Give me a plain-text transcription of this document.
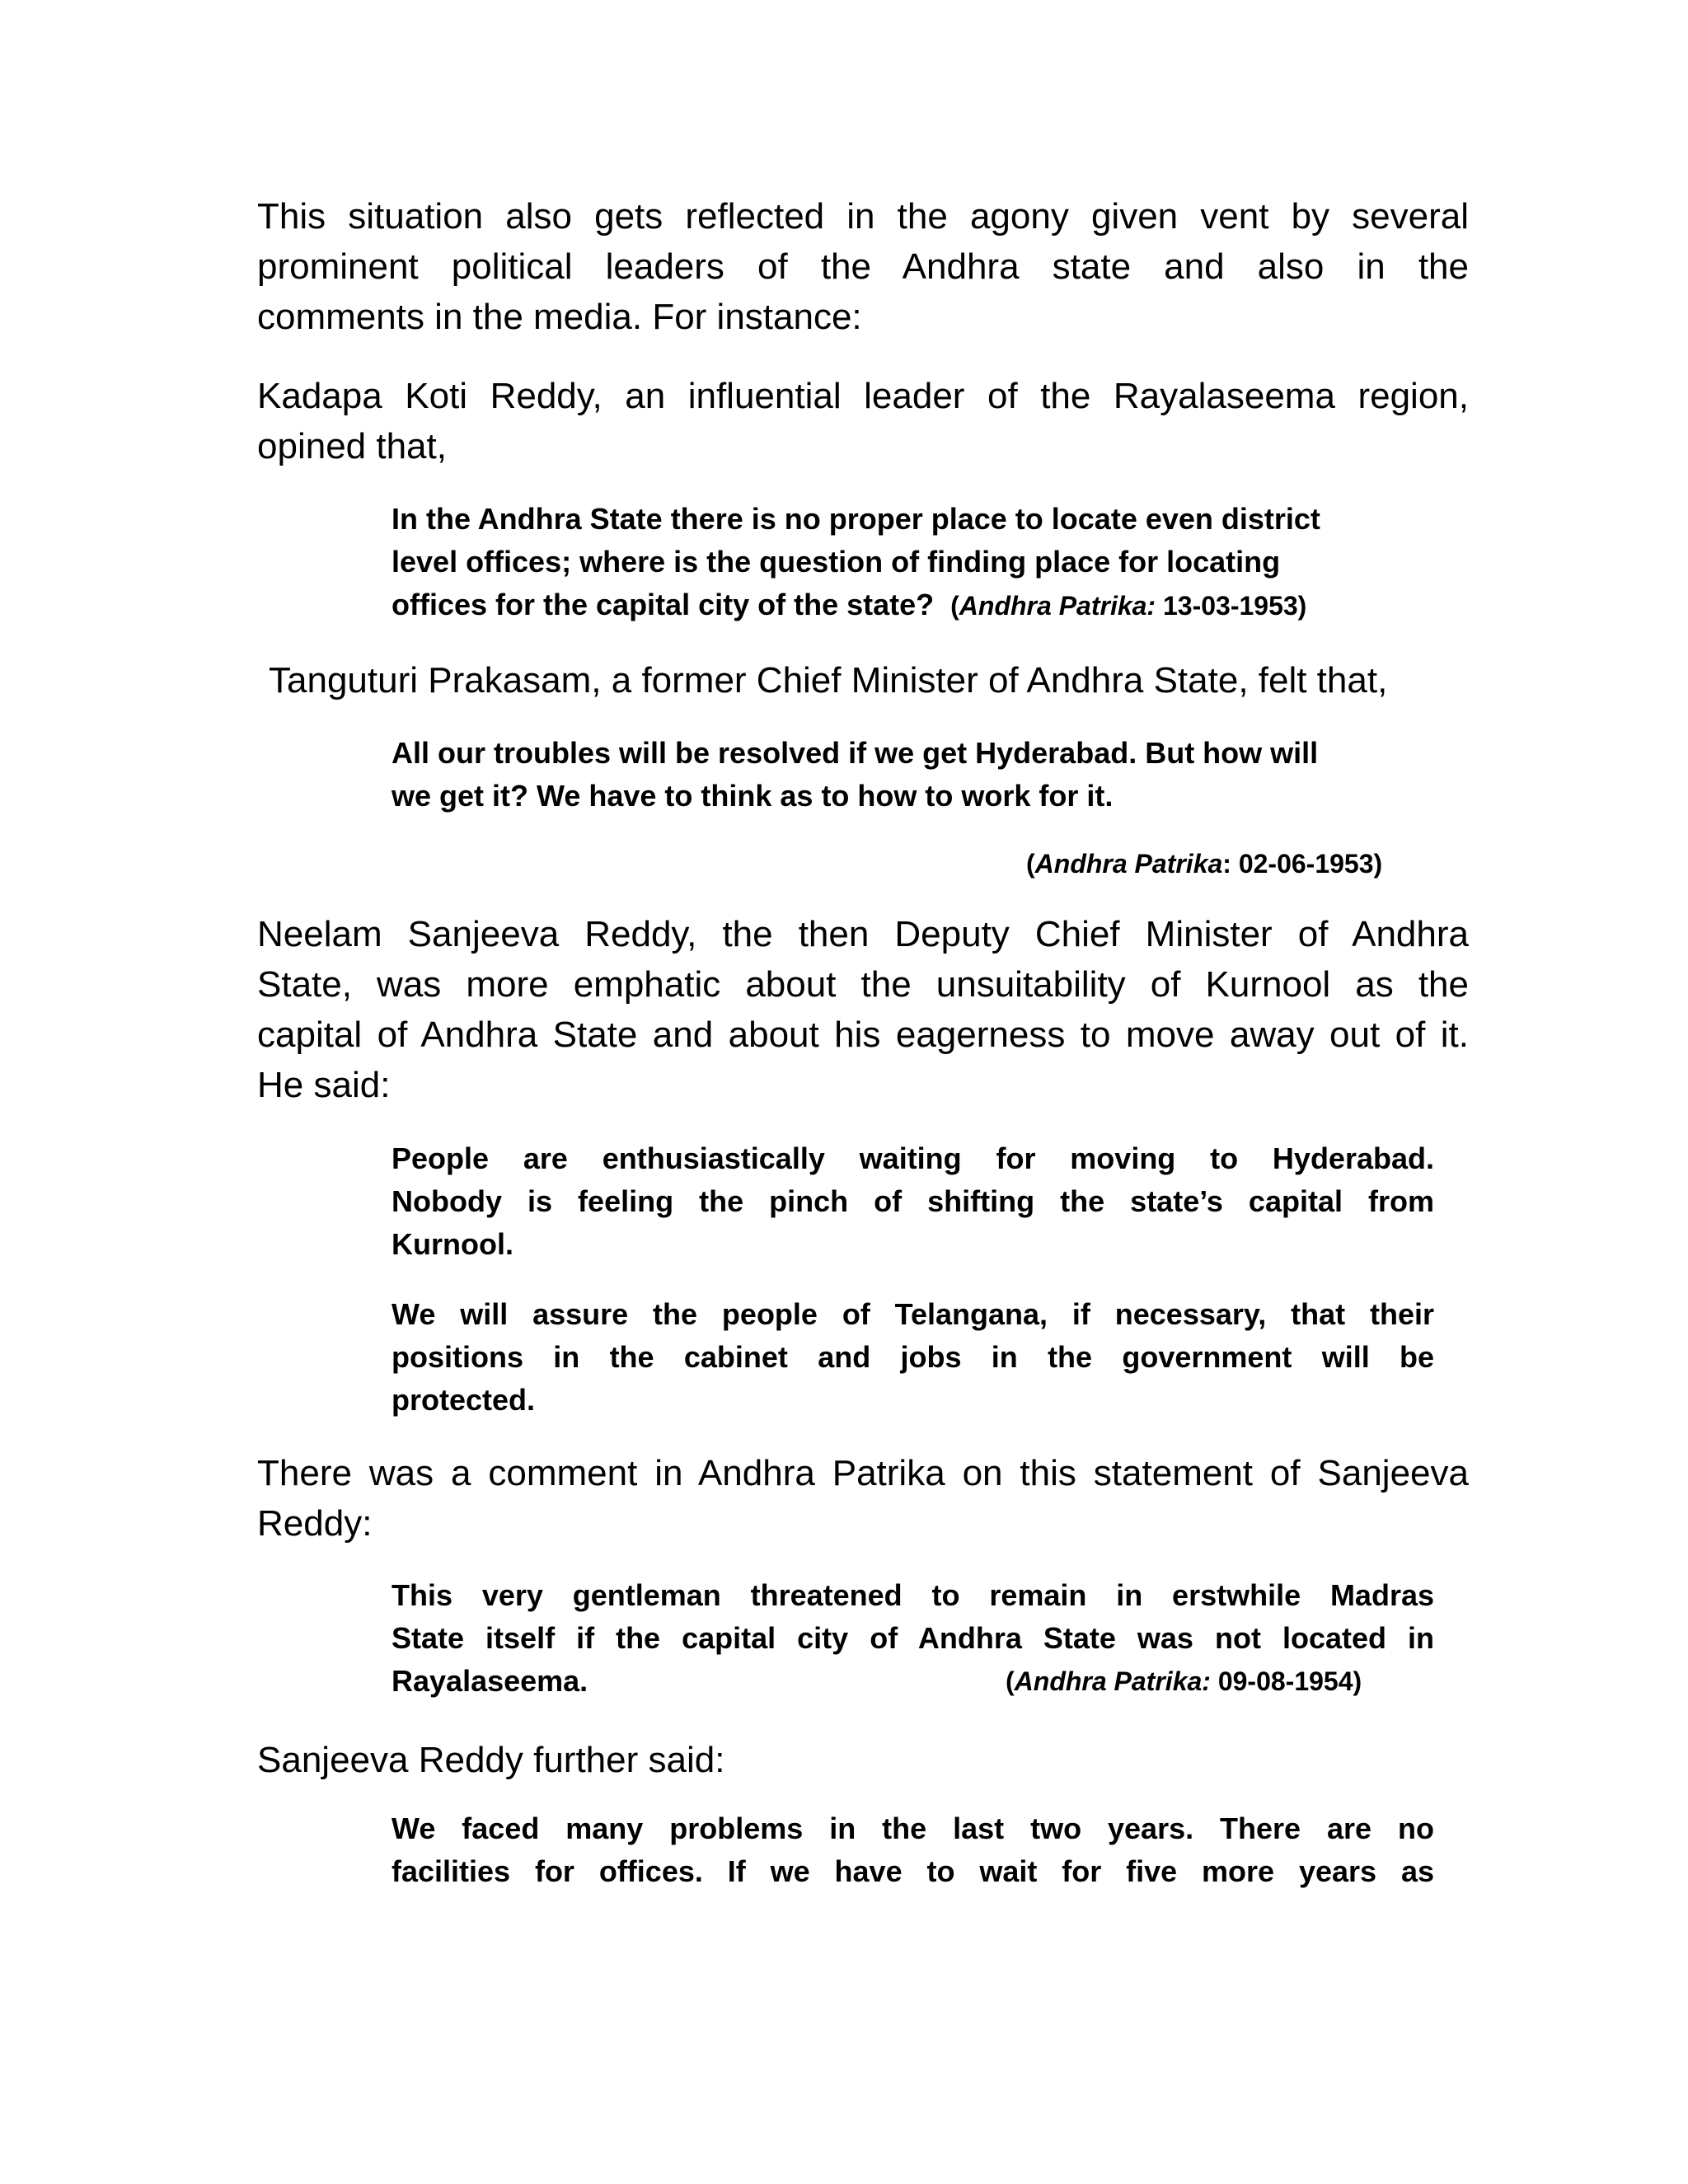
This situation also gets reflected in the agony given vent by several
prominent political leaders of the Andhra state and also in the
comments in the media. For instance:

Kadapa Koti Reddy, an influential leader of the Rayalaseema region,
opined that,

In the Andhra State there is no proper place to locate even district
level offices; where is the question of finding place for locating
offices for the capital city of the state? (Andhra Patrika: 13-03-1953)

Tanguturi Prakasam, a former Chief Minister of Andhra State, felt that,

All our troubles will be resolved if we get Hyderabad. But how will
we get it? We have to think as to how to work for it.

(Andhra Patrika: 02-06-1953)

Neelam Sanjeeva Reddy, the then Deputy Chief Minister of Andhra
State, was more emphatic about the unsuitability of Kurnool as the
capital of Andhra State and about his eagerness to move away out of it.
He said:

People are enthusiastically waiting for moving to Hyderabad.
Nobody is feeling the pinch of shifting the state’s capital from
Kurnool.
We will assure the people of Telangana, if necessary, that their
positions in the cabinet and jobs in the government will be
protected.

There was a comment in Andhra Patrika on this statement of Sanjeeva
Reddy:

This very gentleman threatened to remain in erstwhile Madras
State itself if the capital city of Andhra State was not located in
Rayalaseema.	(Andhra Patrika: 09-08-1954)

Sanjeeva Reddy further said:

We faced many problems in the last two years. There are no
facilities for offices. If we have to wait for five more years as
